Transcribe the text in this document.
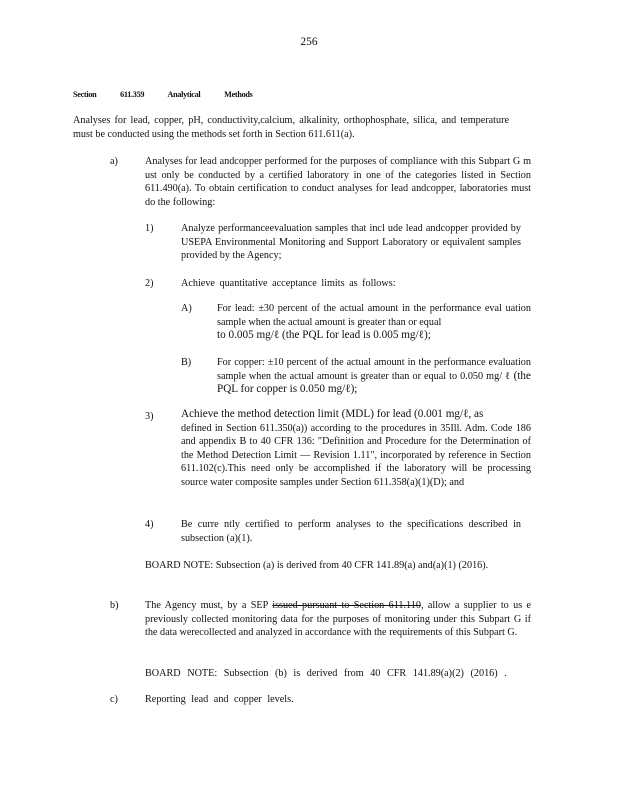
256
Section 611.359 Analytical Methods
Analyses for lead, copper, pH, conductivity,calcium, alkalinity, orthophosphate, silica, and temperature must be conducted using the methods set forth in Section 611.611(a).
a)	Analyses for lead andcopper performed for the purposes of compliance with this Subpart G m ust only be conducted by a certified laboratory in one of the categories listed in Section 611.490(a). To obtain certification to conduct analyses for lead andcopper, laboratories must do the following:
1)	Analyze performanceevaluation samples that incl ude lead andcopper provided by USEPA Environmental Monitoring and Support Laboratory or equivalent samples provided by the Agency;
2)	Achieve quantitative acceptance limits as follows:
A) For lead: ±30 percent of the actual amount in the performance eval uation sample when the actual amount is greater than or equal
to 0.005 mg/ℓ (the PQL for lead is 0.005 mg/ℓ);
B)	For copper: ±10 percent of the actual amount in the performance evaluation sample when the actual amount is greater than or equal to 0.050 mg/ ℓ (the PQL for copper is 0.050 mg/ℓ);
3) Achieve the method detection limit (MDL) for lead (0.001 mg/ℓ, as
defined in Section 611.350(a)) according to the procedures in 35Ill. Adm. Code 186 and appendix B to 40 CFR 136: "Definition and Procedure for the Determination of the Method Detection Limit — Revision 1.11", incorporated by reference in Section 611.102(c).This need only be accomplished if the laboratory will be processing source water composite samples under Section 611.358(a)(1)(D); and
4)	Be curre ntly certified to perform analyses to the specifications described in subsection (a)(1).
BOARD NOTE: Subsection (a) is derived from 40 CFR 141.89(a) and(a)(1) (2016).
b)	The Agency must, by a SEP issued pursuant to Section 611.110, allow a supplier to us e previously collected monitoring data for the purposes of monitoring under this Subpart G if the data werecollected and analyzed in accordance with the requirements of this Subpart G.
BOARD NOTE: Subsection (b) is derived from 40 CFR 141.89(a)(2) (2016) .
c)	Reporting lead and copper levels.
